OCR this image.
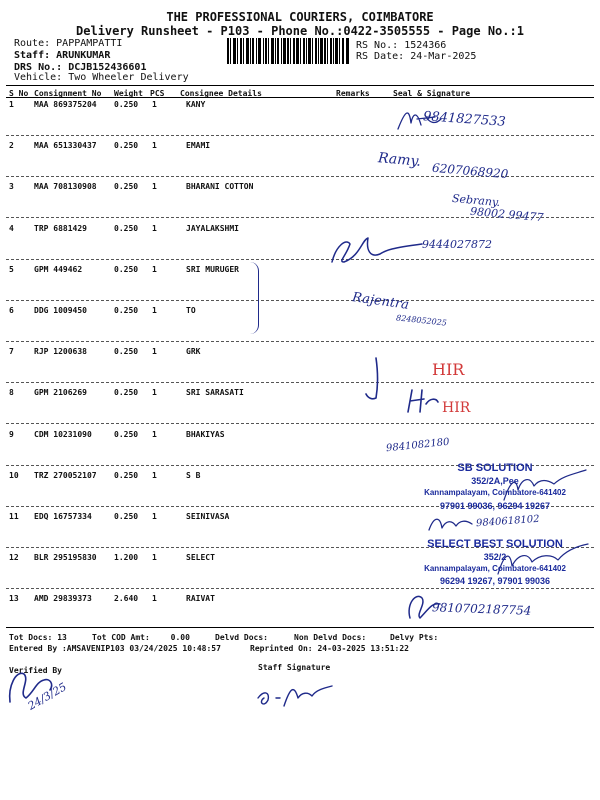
THE PROFESSIONAL COURIERS, COIMBATORE
Delivery Runsheet - P103 - Phone No.:0422-3505555 - Page No.:1
Route: PAPPAMPATTI
Staff: ARUNKUMAR
DRS No.: DCJB152436601
Vehicle: Two Wheeler Delivery
RS No.: 1524366
RS Date: 24-Mar-2025
S No Consignment No Weight PCS Consignee Details	Remarks	Seal & Signature
1	MAA 869375204 0.250 1	KANY
2	MAA 651330437 0.250 1	EMAMI
3	MAA 708130908 0.250 1	BHARANI COTTON
4	TRP 6881429	0.250 1	JAYALAKSHMI
5	GPM 449462	0.250 1	SRI MURUGER
6	DDG 1009450	0.250 1	TO
7	RJP 1200638	0.250 1	GRK
8	GPM 2106269	0.250 1	SRI SARASATI
9	CDM 10231090	0.250 1	BHAKIYAS
10 TRZ 270052107 0.250 1	S B
11 EDQ 16757334	0.250 1	SEINIVASA
12 BLR 295195830 1.200 1	SELECT
13 AMD 29839373	2.640 1	RAIVAT
9841827533
Ramy.
6207068920
Sebrany.
98002 99477
9444027872
Rajentra
8248052025
HIR
HIR
9841082180
SB SOLUTION
352/2A,Pee
Kannampalayam, Coimbatore-641402
97901 99036, 96294 19267
9840618102
SELECT BEST SOLUTION
352/2
Kannampalayam, Coimbatore-641402
96294 19267, 97901 99036
9810702187754
Tot Docs: 13	Tot COD Amt:	0.00	Delvd Docs:	Non Delvd Docs:	Delvy Pts:
Entered By :AMSAVENIP103 03/24/2025 10:48:57	Reprinted On: 24-03-2025 13:51:22
Verified By	Staff Signature
24/3/25
